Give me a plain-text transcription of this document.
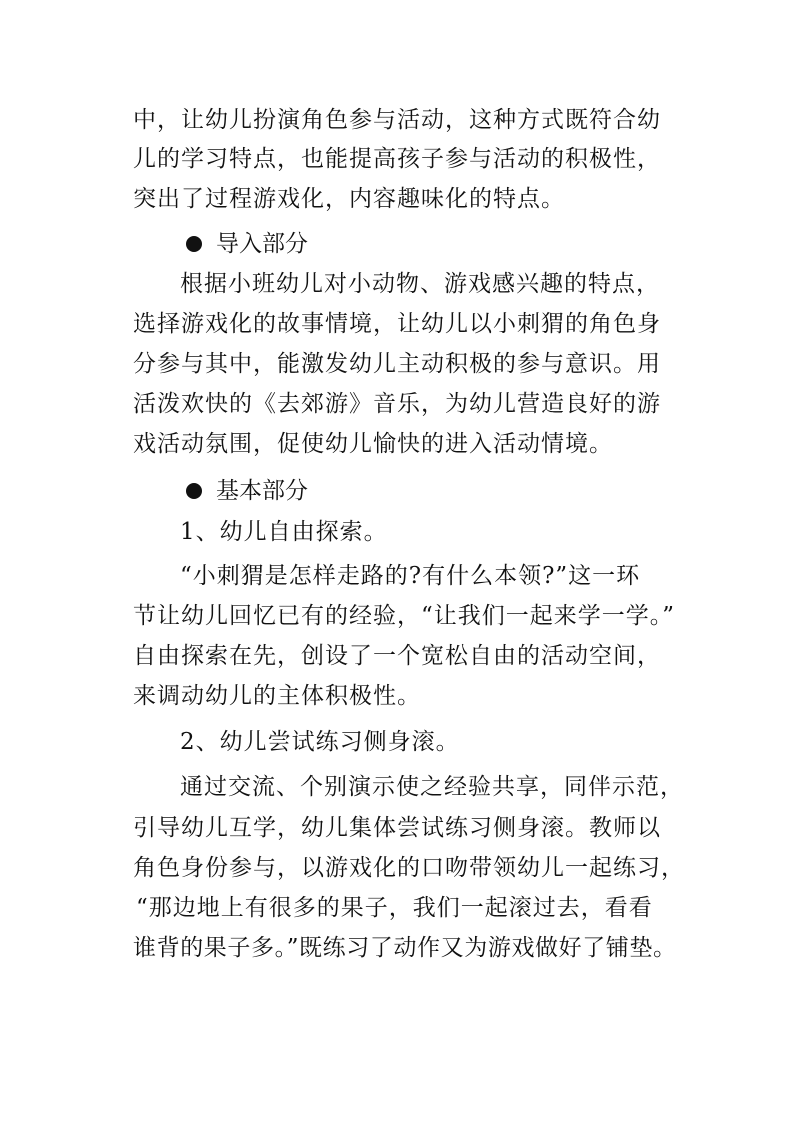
中，让幼儿扮演角色参与活动，这种方式既符合幼
儿的学习特点，也能提高孩子参与活动的积极性，
突出了过程游戏化，内容趣味化的特点。
导入部分
根据小班幼儿对小动物、游戏感兴趣的特点，
选择游戏化的故事情境，让幼儿以小刺猬的角色身
分参与其中，能激发幼儿主动积极的参与意识。用
活泼欢快的《去郊游》音乐，为幼儿营造良好的游
戏活动氛围，促使幼儿愉快的进入活动情境。
基本部分
1、幼儿自由探索。
“小刺猬是怎样走路的?有什么本领?”这一环
节让幼儿回忆已有的经验，“让我们一起来学一学。”
自由探索在先，创设了一个宽松自由的活动空间，
来调动幼儿的主体积极性。
2、幼儿尝试练习侧身滚。
通过交流、个别演示使之经验共享，同伴示范，
引导幼儿互学，幼儿集体尝试练习侧身滚。教师以
角色身份参与，以游戏化的口吻带领幼儿一起练习，
“那边地上有很多的果子，我们一起滚过去，看看
谁背的果子多。”既练习了动作又为游戏做好了铺垫。
